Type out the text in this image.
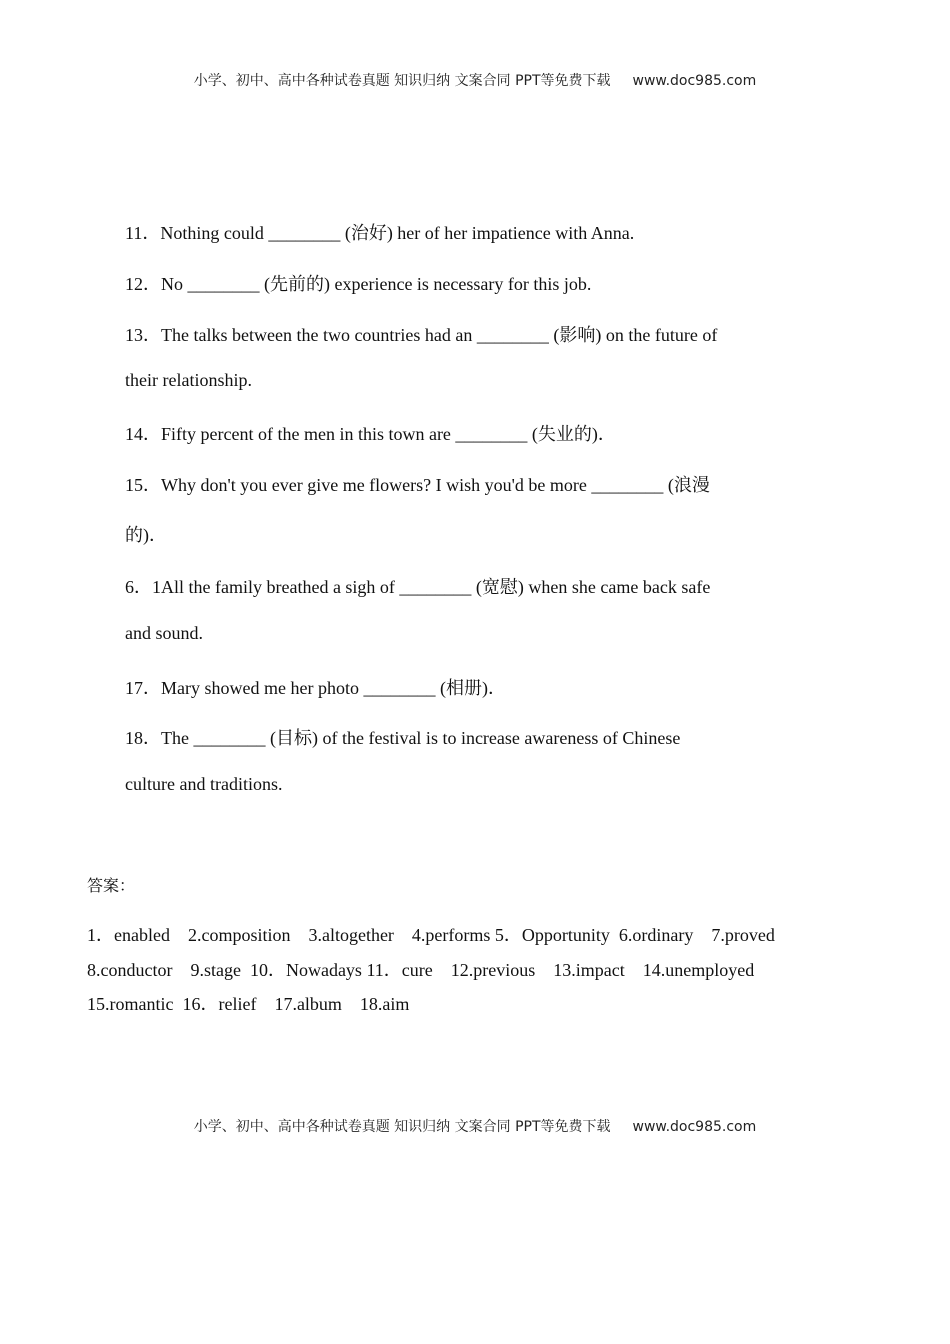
小学、初中、高中各种试卷真题 知识归纳 文案合同 PPT等免费下载 www.doc985.com
11．Nothing could ________ (治好) her of her impatience with Anna.
12．No ________ (先前的) experience is necessary for this job.
13．The talks between the two countries had an ________ (影响) on the future of
their relationship.
14．Fifty percent of the men in this town are ________ (失业的)．
15．Why don't you ever give me flowers? I wish you'd be more ________ (浪漫
的)．
6．1All the family breathed a sigh of ________ (宽慰) when she came back safe
and sound.
17．Mary showed me her photo ________ (相册)．
18．The ________ (目标) of the festival is to increase awareness of Chinese
culture and traditions.
答案：
1．enabled    2.composition    3.altogether    4.performs 5．Opportunity  6.ordinary    7.proved
8.conductor    9.stage  10．Nowadays 11．cure    12.previous    13.impact    14.unemployed
15.romantic  16．relief    17.album    18.aim
小学、初中、高中各种试卷真题 知识归纳 文案合同 PPT等免费下载 www.doc985.com
